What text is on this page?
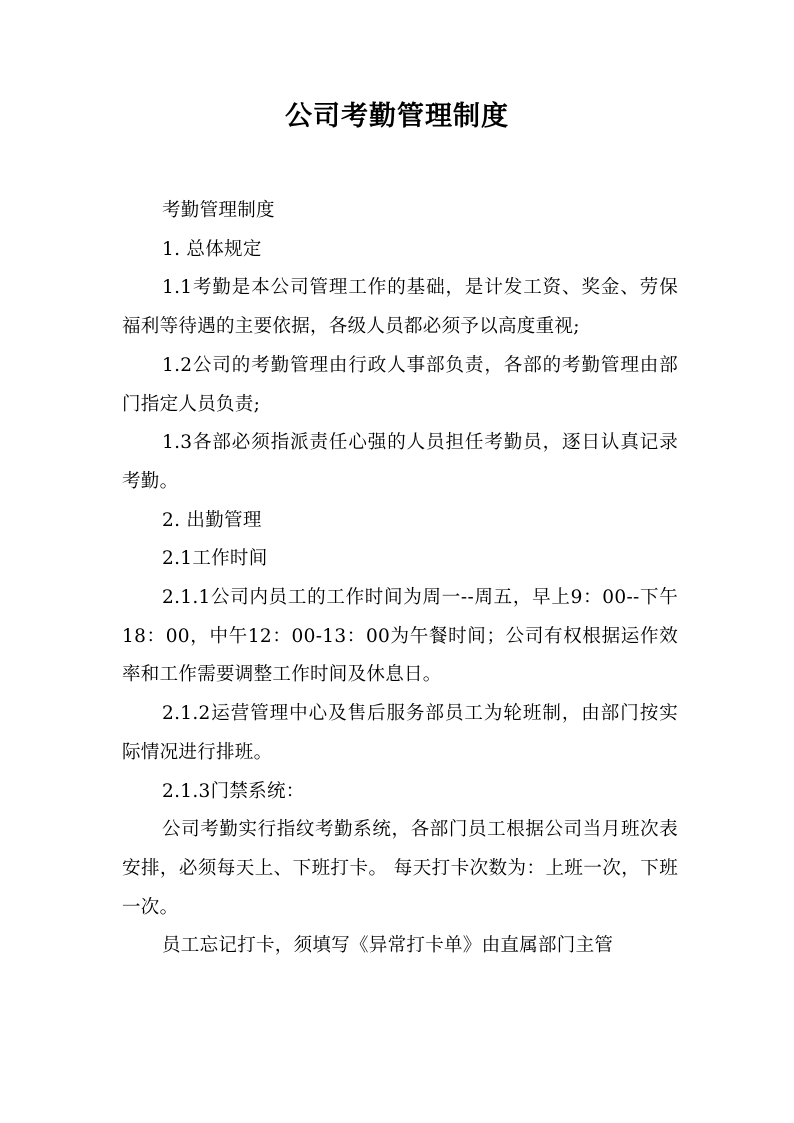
公司考勤管理制度

考勤管理制度

1. 总体规定

1.1考勤是本公司管理工作的基础，是计发工资、奖金、劳保福利等待遇的主要依据，各级人员都必须予以高度重视;

1.2公司的考勤管理由行政人事部负责，各部的考勤管理由部门指定人员负责;

1.3各部必须指派责任心强的人员担任考勤员，逐日认真记录考勤。

2. 出勤管理

2.1工作时间

2.1.1公司内员工的工作时间为周一--周五，早上9：00--下午18：00，中午12：00-13：00为午餐时间；公司有权根据运作效率和工作需要调整工作时间及休息日。

2.1.2运营管理中心及售后服务部员工为轮班制，由部门按实际情况进行排班。

2.1.3门禁系统：

公司考勤实行指纹考勤系统，各部门员工根据公司当月班次表安排，必须每天上、下班打卡。 每天打卡次数为：上班一次，下班一次。

员工忘记打卡，须填写《异常打卡单》由直属部门主管
